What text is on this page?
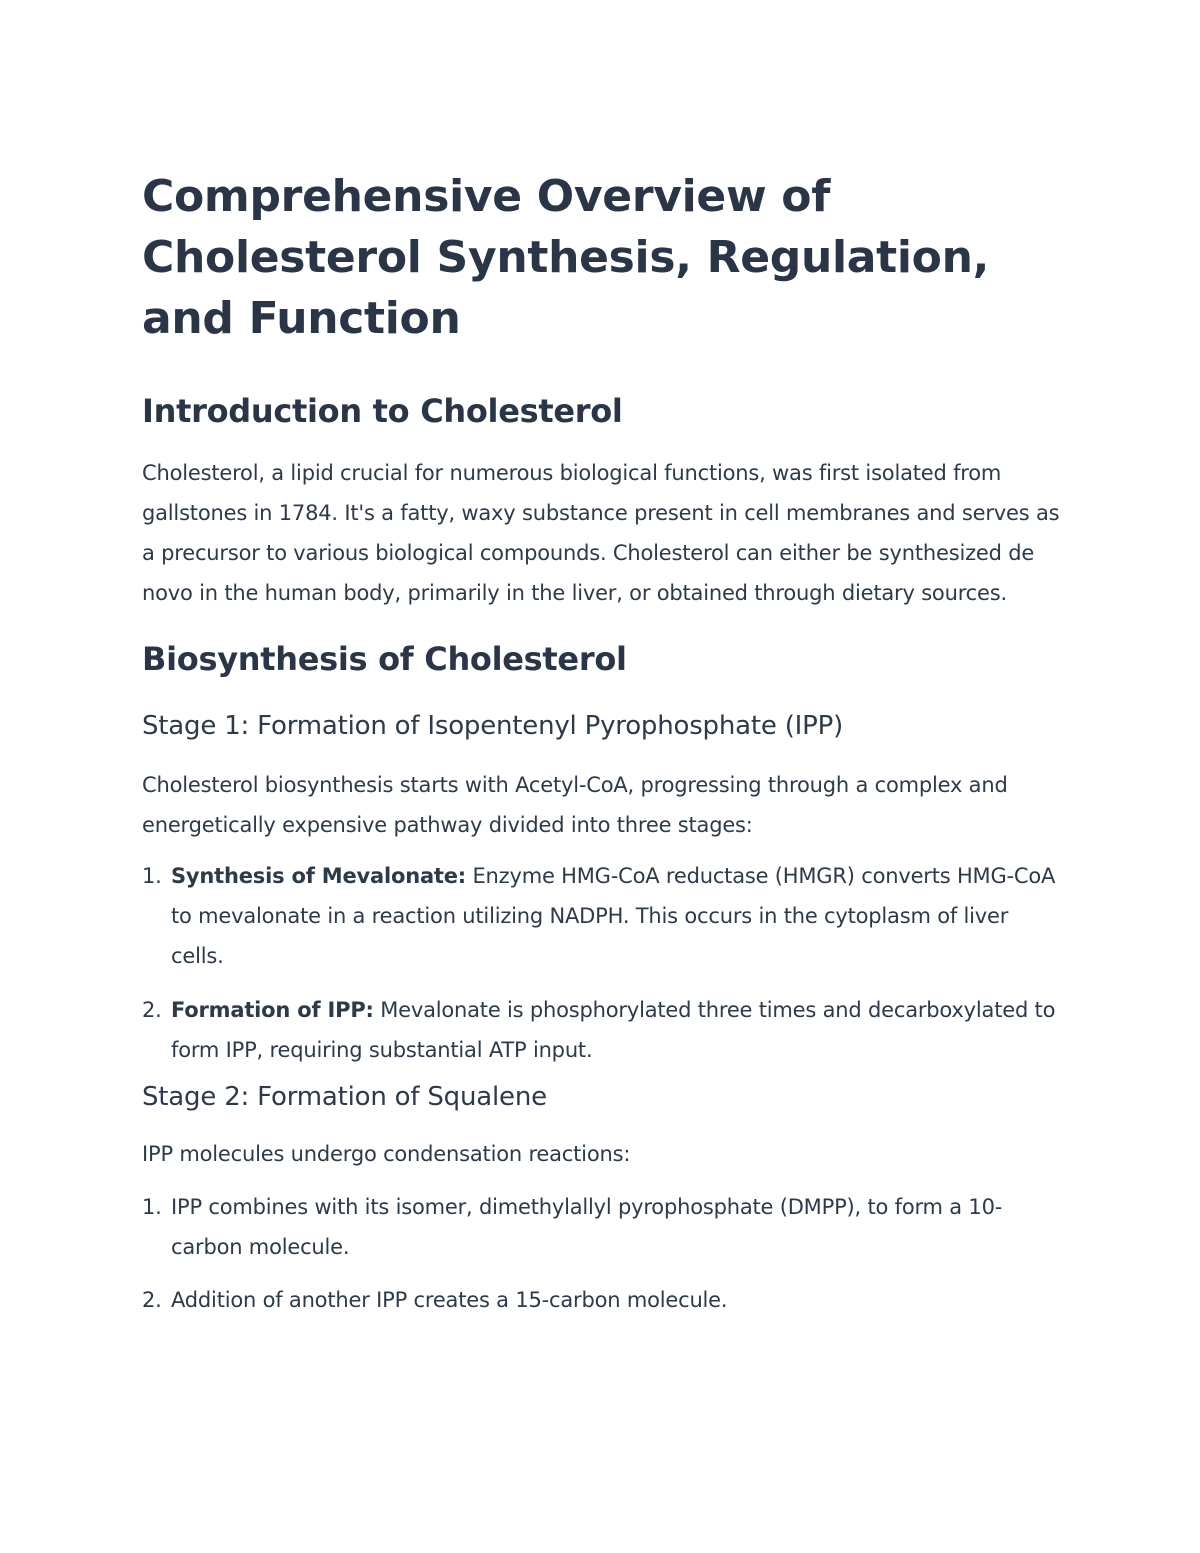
Comprehensive Overview of Cholesterol Synthesis, Regulation, and Function
Introduction to Cholesterol

Cholesterol, a lipid crucial for numerous biological functions, was first isolated from gallstones in 1784. It's a fatty, waxy substance present in cell membranes and serves as a precursor to various biological compounds. Cholesterol can either be synthesized de novo in the human body, primarily in the liver, or obtained through dietary sources.

Biosynthesis of Cholesterol
Stage 1: Formation of Isopentenyl Pyrophosphate (IPP)

Cholesterol biosynthesis starts with Acetyl-CoA, progressing through a complex and energetically expensive pathway divided into three stages:

1. Synthesis of Mevalonate: Enzyme HMG-CoA reductase (HMGR) converts HMG-CoA to mevalonate in a reaction utilizing NADPH. This occurs in the cytoplasm of liver cells.
2. Formation of IPP: Mevalonate is phosphorylated three times and decarboxylated to form IPP, requiring substantial ATP input.
Stage 2: Formation of Squalene

IPP molecules undergo condensation reactions:

1. IPP combines with its isomer, dimethylallyl pyrophosphate (DMPP), to form a 10-carbon molecule.
2. Addition of another IPP creates a 15-carbon molecule.
